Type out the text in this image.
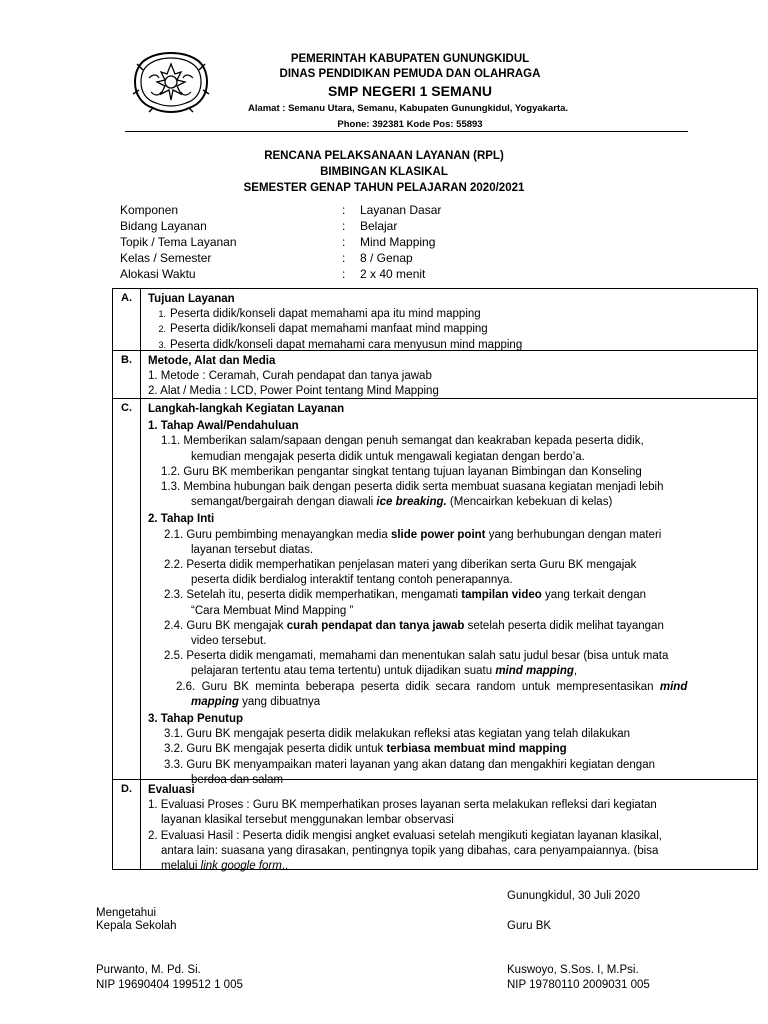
PEMERINTAH KABUPATEN GUNUNGKIDUL
DINAS PENDIDIKAN PEMUDA DAN OLAHRAGA
SMP NEGERI 1 SEMANU
Alamat : Semanu Utara, Semanu, Kabupaten Gunungkidul, Yogyakarta.
Phone: 392381 Kode Pos: 55893
RENCANA PELAKSANAAN LAYANAN (RPL)
BIMBINGAN KLASIKAL
SEMESTER GENAP TAHUN PELAJARAN 2020/2021
Komponen	:	Layanan Dasar
Bidang Layanan	:	Belajar
Topik / Tema Layanan	:	Mind Mapping
Kelas / Semester	:	8 / Genap
Alokasi Waktu	:	2 x 40 menit
A.	Tujuan Layanan
1. Peserta didik/konseli dapat memahami apa itu mind mapping
2. Peserta didik/konseli dapat memahami manfaat mind mapping
3. Peserta didk/konseli dapat memahami cara menyusun mind mapping
B.	Metode, Alat dan Media
1. Metode : Ceramah, Curah pendapat dan tanya jawab
2. Alat / Media : LCD, Power Point tentang Mind Mapping
C.	Langkah-langkah Kegiatan Layanan
1. Tahap Awal/Pendahuluan
1.1. Memberikan salam/sapaan dengan penuh semangat dan keakraban kepada peserta didik,
kemudian mengajak peserta didik untuk mengawali kegiatan dengan berdo’a.
1.2. Guru BK memberikan pengantar singkat tentang tujuan layanan Bimbingan dan Konseling
1.3. Membina hubungan baik dengan peserta didik serta membuat suasana kegiatan menjadi lebih
semangat/bergairah dengan diawali ice breaking. (Mencairkan kebekuan di kelas)
2. Tahap Inti
2.1. Guru pembimbing menayangkan media slide power point yang berhubungan dengan materi
layanan tersebut diatas.
2.2. Peserta didik memperhatikan penjelasan materi yang diberikan serta Guru BK mengajak
peserta didik berdialog interaktif tentang contoh penerapannya.
2.3. Setelah itu, peserta didik memperhatikan, mengamati tampilan video yang terkait dengan
“Cara Membuat Mind Mapping ”
2.4. Guru BK mengajak curah pendapat dan tanya jawab setelah peserta didik melihat tayangan
video tersebut.
2.5. Peserta didik mengamati, memahami dan menentukan salah satu judul besar (bisa untuk mata
pelajaran tertentu atau tema tertentu) untuk dijadikan suatu mind mapping,
2.6.  Guru  BK  meminta  beberapa  peserta  didik  secara  random  untuk  mempresentasikan  mind
mapping yang dibuatnya
3. Tahap Penutup
3.1. Guru BK mengajak peserta didik melakukan refleksi atas kegiatan yang telah dilakukan
3.2. Guru BK mengajak peserta didik untuk terbiasa membuat mind mapping
3.3. Guru BK menyampaikan materi layanan yang akan datang dan mengakhiri kegiatan dengan
berdoa dan salam
D.	Evaluasi
1. Evaluasi Proses : Guru BK memperhatikan proses layanan serta melakukan refleksi dari kegiatan
layanan klasikal tersebut menggunakan lembar observasi
2. Evaluasi Hasil : Peserta didik mengisi angket evaluasi setelah mengikuti kegiatan layanan klasikal,
antara lain: suasana yang dirasakan, pentingnya topik yang dibahas, cara penyampaiannya. (bisa
melalui link google form..
Gunungkidul, 30 Juli 2020
Mengetahui
Kepala Sekolah	Guru BK
Purwanto, M. Pd. Si.
NIP 19690404 199512 1 005
Kuswoyo, S.Sos. I, M.Psi.
NIP 19780110 2009031 005
